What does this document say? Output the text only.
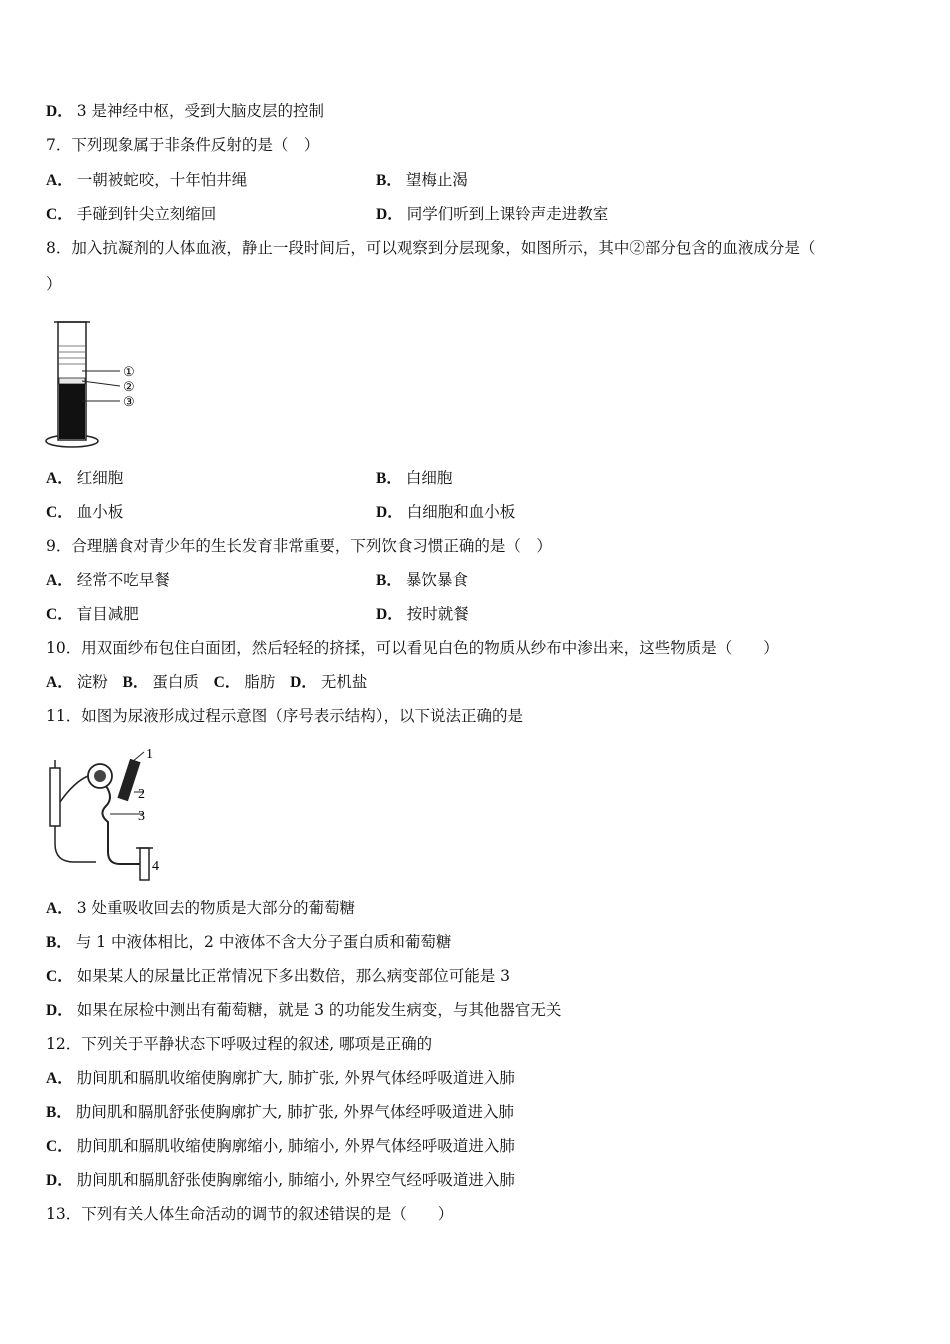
D． 3 是神经中枢，受到大脑皮层的控制
7．下列现象属于非条件反射的是（　）
A． 一朝被蛇咬，十年怕井绳	B． 望梅止渴
C． 手碰到针尖立刻缩回	D． 同学们听到上课铃声走进教室
8．加入抗凝剂的人体血液，静止一段时间后，可以观察到分层现象，如图所示，其中②部分包含的血液成分是（
）
①
②
③
A． 红细胞	B． 白细胞
C． 血小板	D． 白细胞和血小板
9．合理膳食对青少年的生长发育非常重要，下列饮食习惯正确的是（　）
A． 经常不吃早餐	B． 暴饮暴食
C． 盲目减肥	D． 按时就餐
10．用双面纱布包住白面团，然后轻轻的挤揉，可以看见白色的物质从纱布中渗出来，这些物质是（　　）
A． 淀粉 B． 蛋白质 C． 脂肪 D． 无机盐
11．如图为尿液形成过程示意图（序号表示结构），以下说法正确的是
1
2
3
4
A． 3 处重吸收回去的物质是大部分的葡萄糖
B． 与 1 中液体相比，2 中液体不含大分子蛋白质和葡萄糖
C． 如果某人的尿量比正常情况下多出数倍，那么病变部位可能是 3
D． 如果在尿检中测出有葡萄糖，就是 3 的功能发生病变，与其他器官无关
12．下列关于平静状态下呼吸过程的叙述, 哪项是正确的
A． 肋间肌和膈肌收缩使胸廓扩大, 肺扩张, 外界气体经呼吸道进入肺
B． 肋间肌和膈肌舒张使胸廓扩大, 肺扩张, 外界气体经呼吸道进入肺
C． 肋间肌和膈肌收缩使胸廓缩小, 肺缩小, 外界气体经呼吸道进入肺
D． 肋间肌和膈肌舒张使胸廓缩小, 肺缩小, 外界空气经呼吸道进入肺
13．下列有关人体生命活动的调节的叙述错误的是（　　）
